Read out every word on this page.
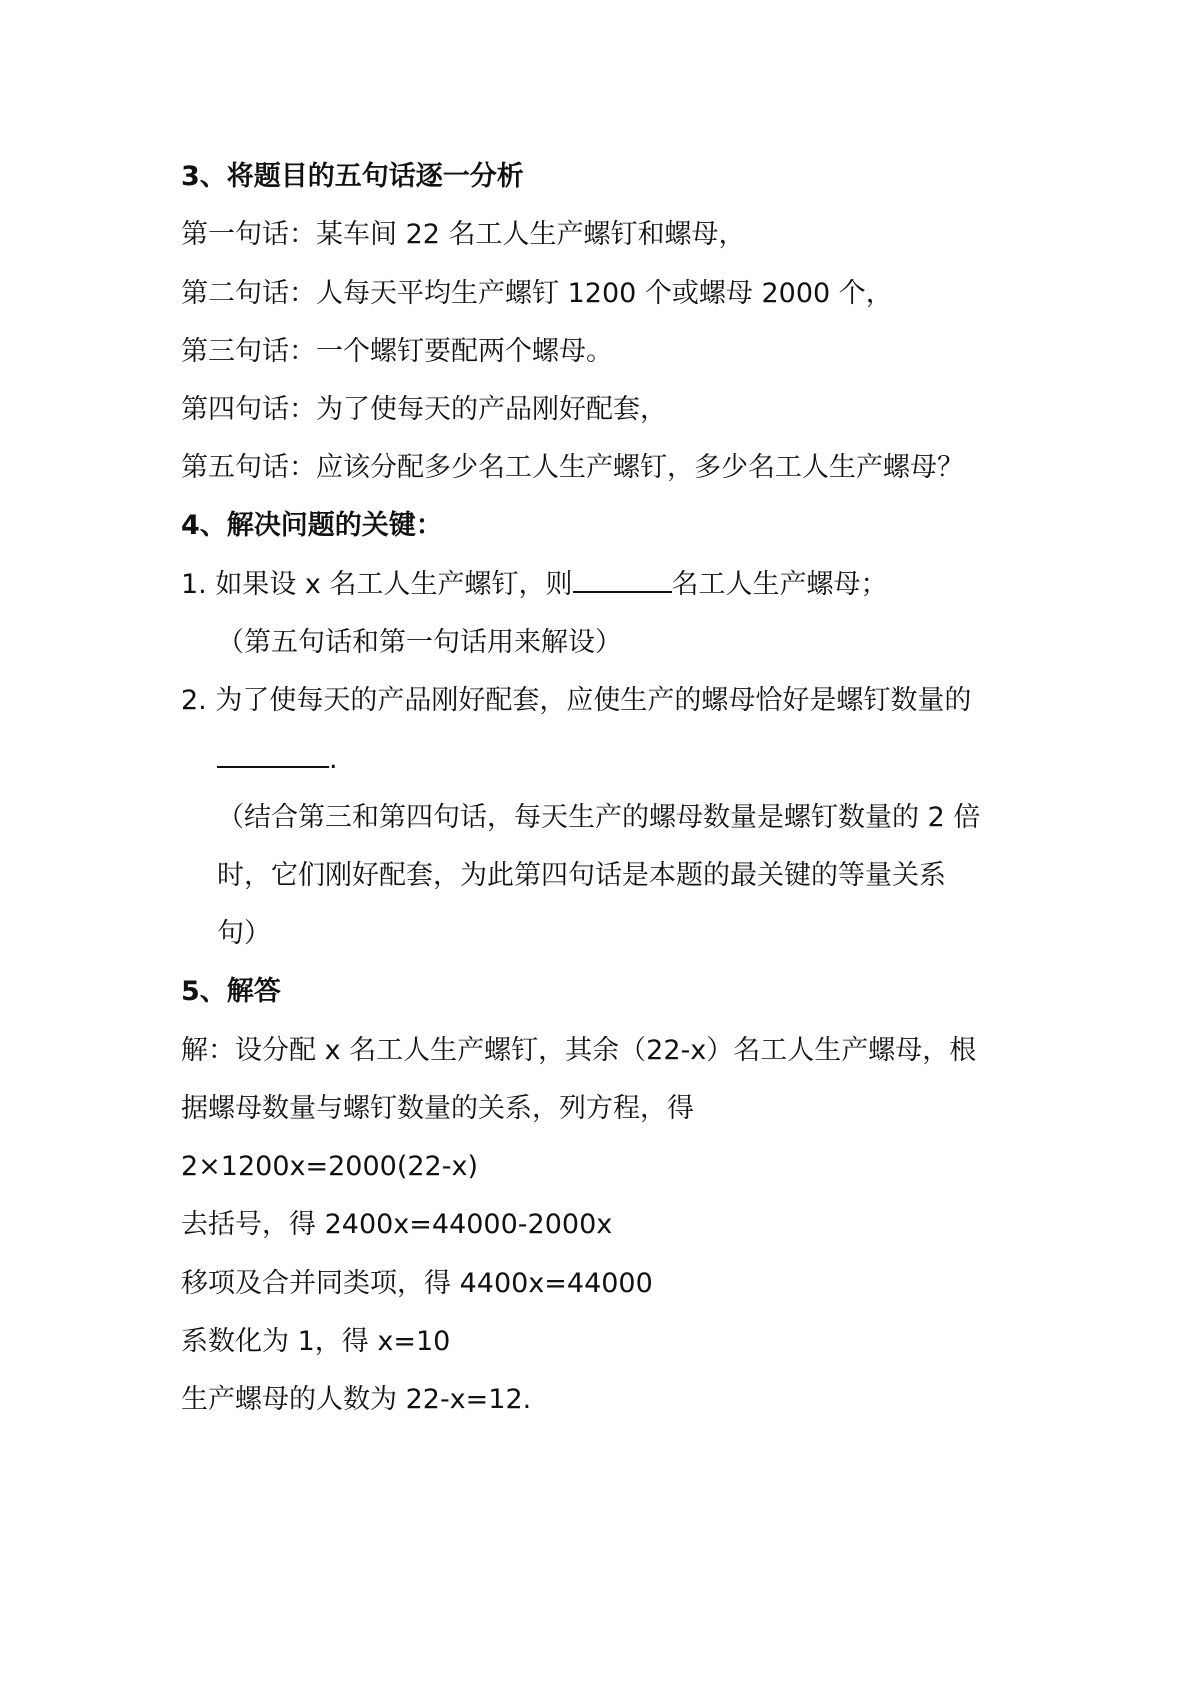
3、将题目的五句话逐一分析
第一句话：某车间 22 名工人生产螺钉和螺母，
第二句话：人每天平均生产螺钉 1200 个或螺母 2000 个，
第三句话：一个螺钉要配两个螺母。
第四句话：为了使每天的产品刚好配套，
第五句话：应该分配多少名工人生产螺钉，多少名工人生产螺母？
4、解决问题的关键：
1. 如果设 x 名工人生产螺钉，则	名工人生产螺母；
（第五句话和第一句话用来解设）
2. 为了使每天的产品刚好配套，应使生产的螺母恰好是螺钉数量的
.
（结合第三和第四句话，每天生产的螺母数量是螺钉数量的 2 倍
时，它们刚好配套，为此第四句话是本题的最关键的等量关系
句）
5、解答
解：设分配 x 名工人生产螺钉，其余（22-x）名工人生产螺母，根
据螺母数量与螺钉数量的关系，列方程，得
2×1200x=2000(22-x)
去括号，得 2400x=44000-2000x
移项及合并同类项，得 4400x=44000
系数化为 1，得 x=10
生产螺母的人数为 22-x=12.
